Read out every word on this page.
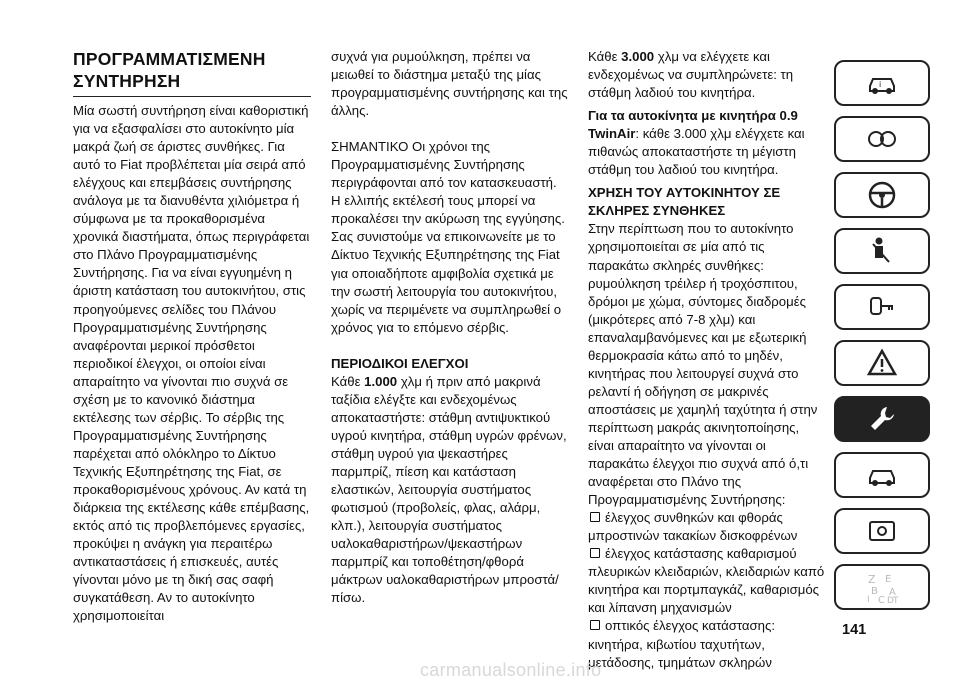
ΠΡΟΓΡΑΜΜΑΤΙΣΜΕΝΗ ΣΥΝΤΗΡΗΣΗ

Μία σωστή συντήρηση είναι καθοριστική για να εξασφαλίσει στο αυτοκίνητο μία μακρά ζωή σε άριστες συνθήκες. Για αυτό το Fiat προβλέπεται μία σειρά από ελέγχους και επεμβάσεις συντήρησης ανάλογα με τα διανυθέντα χιλιόμετρα ή σύμφωνα με τα προκαθορισμένα χρονικά διαστήματα, όπως περιγράφεται στο Πλάνο Προγραμματισμένης Συντήρησης. Για να είναι εγγυημένη η άριστη κατάσταση του αυτοκινήτου, στις προηγούμενες σελίδες του Πλάνου Προγραμματισμένης Συντήρησης αναφέρονται μερικοί πρόσθετοι περιοδικοί έλεγχοι, οι οποίοι είναι απαραίτητο να γίνονται πιο συχνά σε σχέση με το κανονικό διάστημα εκτέλεσης των σέρβις. Το σέρβις της Προγραμματισμένης Συντήρησης παρέχεται από ολόκληρο το Δίκτυο Τεχνικής Εξυπηρέτησης της Fiat, σε προκαθορισμένους χρόνους. Αν κατά τη διάρκεια της εκτέλεσης κάθε επέμβασης, εκτός από τις προβλεπόμενες εργασίες, προκύψει η ανάγκη για περαιτέρω αντικαταστάσεις ή επισκευές, αυτές γίνονται μόνο με τη δική σας σαφή συγκατάθεση. Αν το αυτοκίνητο χρησιμοποιείται

συχνά για ρυμούλκηση, πρέπει να μειωθεί το διάστημα μεταξύ της μίας προγραμματισμένης συντήρησης και της άλλης.

ΣΗΜΑΝΤΙΚΟ Οι χρόνοι της Προγραμματισμένης Συντήρησης περιγράφονται από τον κατασκευαστή. Η ελλιπής εκτέλεσή τους μπορεί να προκαλέσει την ακύρωση της εγγύησης. Σας συνιστούμε να επικοινωνείτε με το Δίκτυο Τεχνικής Εξυπηρέτησης της Fiat για οποιαδήποτε αμφιβολία σχετικά με την σωστή λειτουργία του αυτοκινήτου, χωρίς να περιμένετε να συμπληρωθεί ο χρόνος για το επόμενο σέρβις.

ΠΕΡΙΟΔΙΚΟΙ ΕΛΕΓΧΟΙ

Κάθε 1.000 χλμ ή πριν από μακρινά ταξίδια ελέγξτε και ενδεχομένως αποκαταστήστε: στάθμη αντιψυκτικού υγρού κινητήρα, στάθμη υγρών φρένων, στάθμη υγρού για ψεκαστήρες παρμπρίζ, πίεση και κατάσταση ελαστικών, λειτουργία συστήματος φωτισμού (προβολείς, φλας, αλάρμ, κλπ.), λειτουργία συστήματος υαλοκαθαριστήρων/ψεκαστήρων παρμπρίζ και τοποθέτηση/φθορά μάκτρων υαλοκαθαριστήρων μπροστά/πίσω.

Κάθε 3.000 χλμ να ελέγχετε και ενδεχομένως να συμπληρώνετε: τη στάθμη λαδιού του κινητήρα.

Για τα αυτοκίνητα με κινητήρα 0.9 TwinAir: κάθε 3.000 χλμ ελέγχετε και πιθανώς αποκαταστήστε τη μέγιστη στάθμη του λαδιού του κινητήρα.

ΧΡΗΣΗ ΤΟΥ ΑΥΤΟΚΙΝΗΤΟΥ ΣΕ ΣΚΛΗΡΕΣ ΣΥΝΘΗΚΕΣ

Στην περίπτωση που το αυτοκίνητο χρησιμοποιείται σε μία από τις παρακάτω σκληρές συνθήκες: ρυμούλκηση τρέιλερ ή τροχόσπιτου, δρόμοι με χώμα, σύντομες διαδρομές (μικρότερες από 7-8 χλμ) και επαναλαμβανόμενες και με εξωτερική θερμοκρασία κάτω από το μηδέν, κινητήρας που λειτουργεί συχνά στο ρελαντί ή οδήγηση σε μακρινές αποστάσεις με χαμηλή ταχύτητα ή στην περίπτωση μακράς ακινητοποίησης, είναι απαραίτητο να γίνονται οι παρακάτω έλεγχοι πιο συχνά από ό,τι αναφέρεται στο Πλάνο της Προγραμματισμένης Συντήρησης:

έλεγχος συνθηκών και φθοράς μπροστινών τακακίων δισκοφρένων

έλεγχος κατάστασης καθαρισμού πλευρικών κλειδαριών, κλειδαριών καπό κινητήρα και πορτμπαγκάζ, καθαρισμός και λίπανση μηχανισμών

οπτικός έλεγχος κατάστασης: κινητήρα, κιβωτίου ταχυτήτων, μετάδοσης, τμημάτων σκληρών

141
carmanualsonline.info
i
Z E
B A
I C D T
